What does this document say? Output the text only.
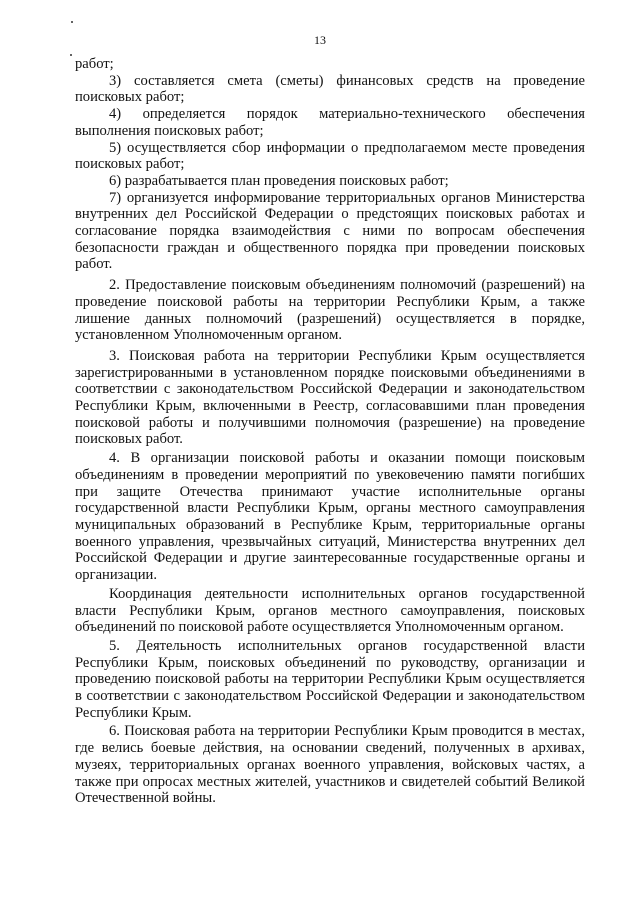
13

работ;

3) составляется смета (сметы) финансовых средств на проведение поисковых работ;

4) определяется порядок материально-технического обеспечения выполнения поисковых работ;

5) осуществляется сбор информации о предполагаемом месте проведения поисковых работ;

6) разрабатывается план проведения поисковых работ;

7) организуется информирование территориальных органов Министерства внутренних дел Российской Федерации о предстоящих поисковых работах и согласование порядка взаимодействия с ними по вопросам обеспечения безопасности граждан и общественного порядка при проведении поисковых работ.

2. Предоставление поисковым объединениям полномочий (разрешений) на проведение поисковой работы на территории Республики Крым, а также лишение данных полномочий (разрешений) осуществляется в порядке, установленном Уполномоченным органом.

3. Поисковая работа на территории Республики Крым осуществляется зарегистрированными в установленном порядке поисковыми объединениями в соответствии с законодательством Российской Федерации и законодательством Республики Крым, включенными в Реестр, согласовавшими план проведения поисковой работы и получившими полномочия (разрешение) на проведение поисковых работ.

4. В организации поисковой работы и оказании помощи поисковым объединениям в проведении мероприятий по увековечению памяти погибших при защите Отечества принимают участие исполнительные органы государственной власти Республики Крым, органы местного самоуправления муниципальных образований в Республике Крым, территориальные органы военного управления, чрезвычайных ситуаций, Министерства внутренних дел Российской Федерации и другие заинтересованные государственные органы и организации.

Координация деятельности исполнительных органов государственной власти Республики Крым, органов местного самоуправления, поисковых объединений по поисковой работе осуществляется Уполномоченным органом.

5. Деятельность исполнительных органов государственной власти Республики Крым, поисковых объединений по руководству, организации и проведению поисковой работы на территории Республики Крым осуществляется в соответствии с законодательством Российской Федерации и законодательством Республики Крым.

6. Поисковая работа на территории Республики Крым проводится в местах, где велись боевые действия, на основании сведений, полученных в архивах, музеях, территориальных органах военного управления, войсковых частях, а также при опросах местных жителей, участников и свидетелей событий Великой Отечественной войны.
